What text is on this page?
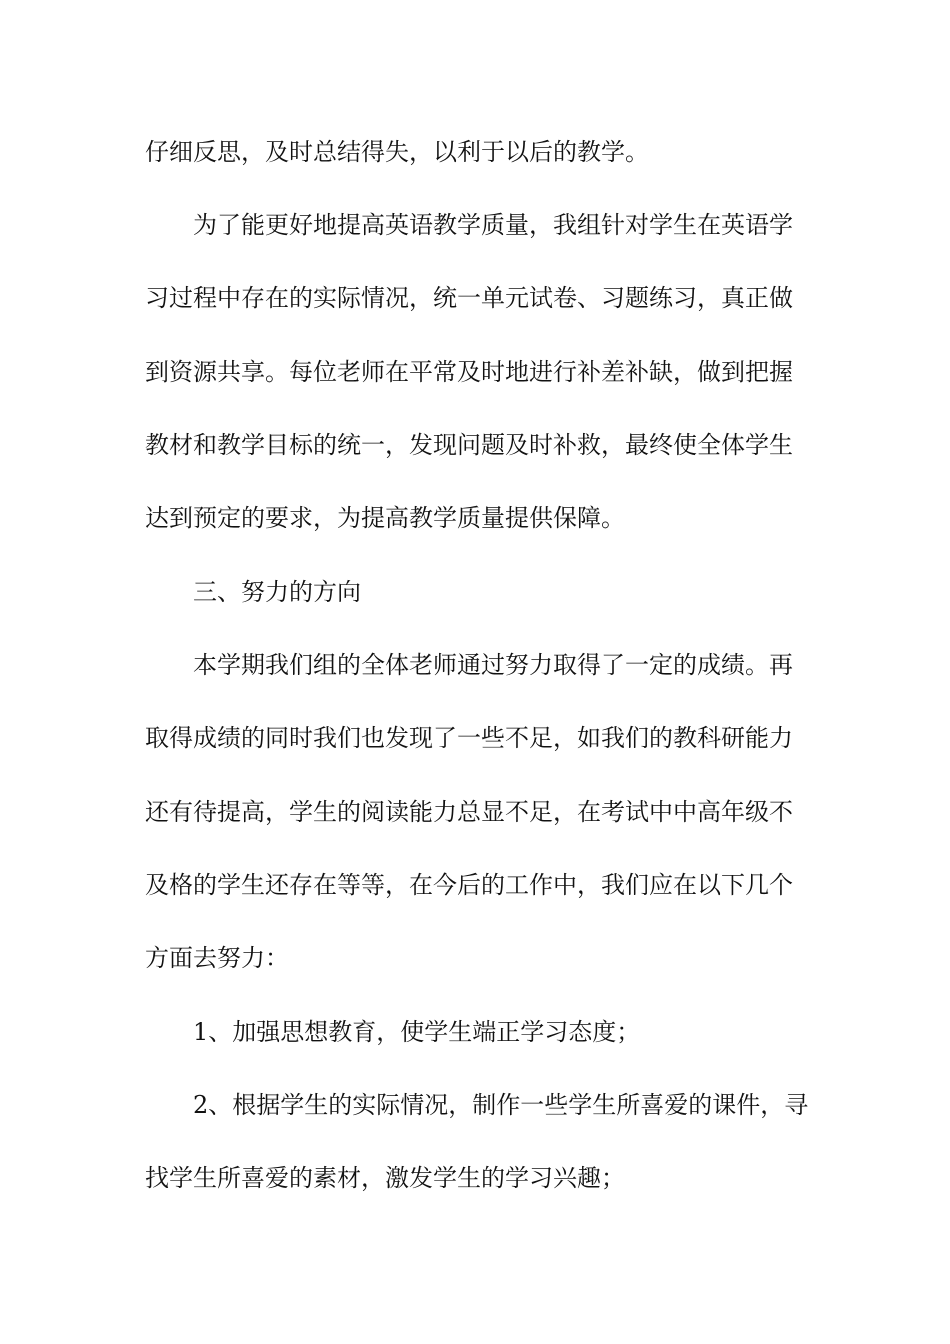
仔细反思，及时总结得失，以利于以后的教学。
为了能更好地提高英语教学质量，我组针对学生在英语学
习过程中存在的实际情况，统一单元试卷、习题练习，真正做
到资源共享。每位老师在平常及时地进行补差补缺，做到把握
教材和教学目标的统一，发现问题及时补救，最终使全体学生
达到预定的要求，为提高教学质量提供保障。
三、努力的方向
本学期我们组的全体老师通过努力取得了一定的成绩。再
取得成绩的同时我们也发现了一些不足，如我们的教科研能力
还有待提高，学生的阅读能力总显不足，在考试中中高年级不
及格的学生还存在等等，在今后的工作中，我们应在以下几个
方面去努力：
1、加强思想教育，使学生端正学习态度；
2、根据学生的实际情况，制作一些学生所喜爱的课件，寻
找学生所喜爱的素材，激发学生的学习兴趣；
